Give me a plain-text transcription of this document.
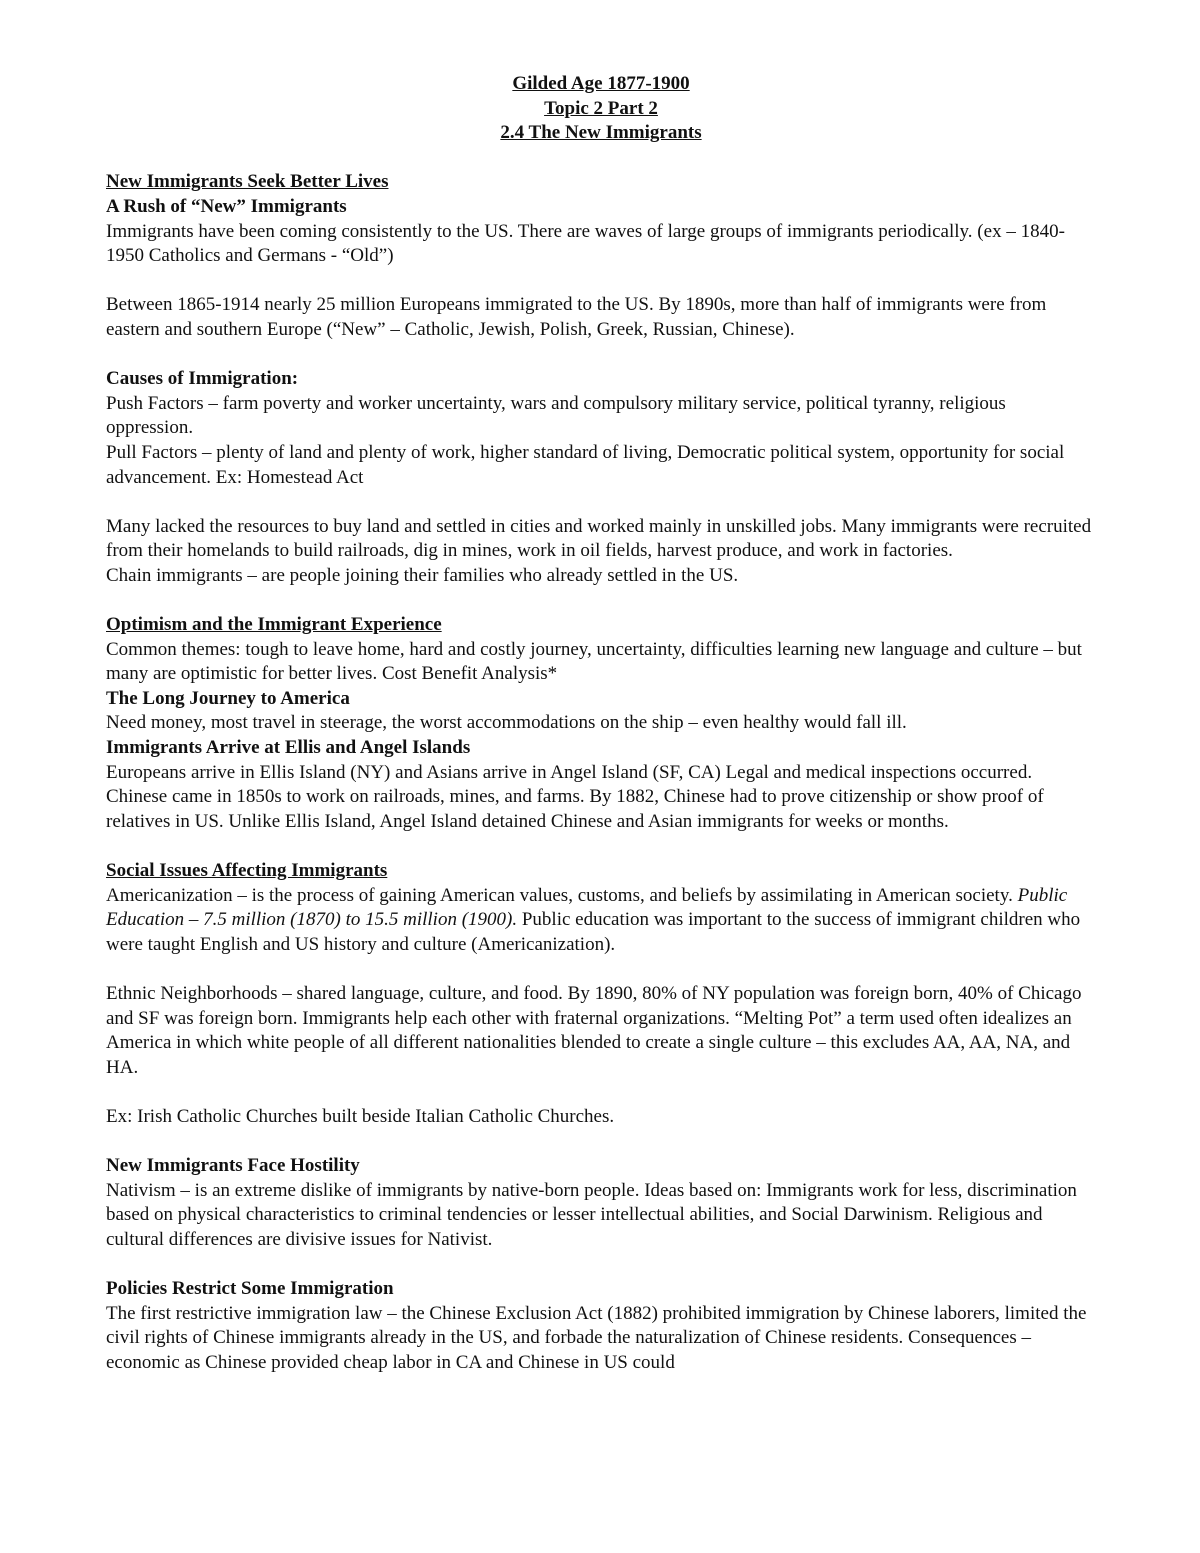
Gilded Age 1877-1900

Topic 2 Part 2

2.4 The New Immigrants

New Immigrants Seek Better Lives

A Rush of “New” Immigrants

Immigrants have been coming consistently to the US. There are waves of large groups of immigrants periodically. (ex – 1840-1950 Catholics and Germans - “Old”)

Between 1865-1914 nearly 25 million Europeans immigrated to the US. By 1890s, more than half of immigrants were from eastern and southern Europe (“New” – Catholic, Jewish, Polish, Greek, Russian, Chinese).

Causes of Immigration:

Push Factors – farm poverty and worker uncertainty, wars and compulsory military service, political tyranny, religious oppression.

Pull Factors – plenty of land and plenty of work, higher standard of living, Democratic political system, opportunity for social advancement. Ex: Homestead Act

Many lacked the resources to buy land and settled in cities and worked mainly in unskilled jobs. Many immigrants were recruited from their homelands to build railroads, dig in mines, work in oil fields, harvest produce, and work in factories.

Chain immigrants – are people joining their families who already settled in the US.

Optimism and the Immigrant Experience

Common themes: tough to leave home, hard and costly journey, uncertainty, difficulties learning new language and culture – but many are optimistic for better lives. Cost Benefit Analysis*

The Long Journey to America

Need money, most travel in steerage, the worst accommodations on the ship – even healthy would fall ill.

Immigrants Arrive at Ellis and Angel Islands

Europeans arrive in Ellis Island (NY) and Asians arrive in Angel Island (SF, CA) Legal and medical inspections occurred.

Chinese came in 1850s to work on railroads, mines, and farms. By 1882, Chinese had to prove citizenship or show proof of relatives in US. Unlike Ellis Island, Angel Island detained Chinese and Asian immigrants for weeks or months.

Social Issues Affecting Immigrants

Americanization – is the process of gaining American values, customs, and beliefs by assimilating in American society. Public Education – 7.5 million (1870) to 15.5 million (1900). Public education was important to the success of immigrant children who were taught English and US history and culture (Americanization).

Ethnic Neighborhoods – shared language, culture, and food. By 1890, 80% of NY population was foreign born, 40% of Chicago and SF was foreign born. Immigrants help each other with fraternal organizations. “Melting Pot” a term used often idealizes an America in which white people of all different nationalities blended to create a single culture – this excludes AA, AA, NA, and HA.

Ex: Irish Catholic Churches built beside Italian Catholic Churches.

New Immigrants Face Hostility

Nativism – is an extreme dislike of immigrants by native-born people. Ideas based on: Immigrants work for less, discrimination based on physical characteristics to criminal tendencies or lesser intellectual abilities, and Social Darwinism. Religious and cultural differences are divisive issues for Nativist.

Policies Restrict Some Immigration

The first restrictive immigration law – the Chinese Exclusion Act (1882) prohibited immigration by Chinese laborers, limited the civil rights of Chinese immigrants already in the US, and forbade the naturalization of Chinese residents. Consequences – economic as Chinese provided cheap labor in CA and Chinese in US could
